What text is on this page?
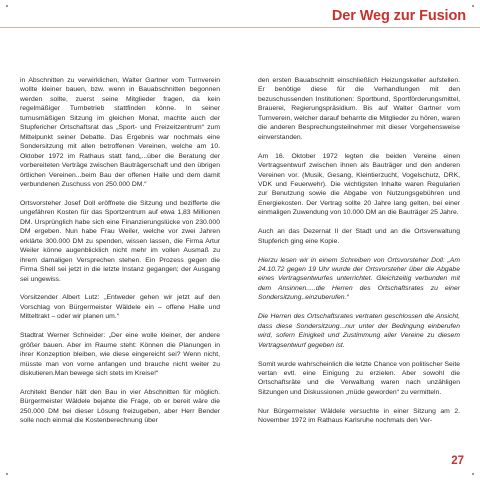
Der Weg zur Fusion

in Abschnitten zu verwirklichen, Walter Gartner vom Turnverein wollte kleiner bauen, bzw. wenn in Bauabschnitten begonnen werden sollte, zuerst seine Mitglieder fragen, da kein regelmäßiger Turnbetrieb stattfinden könne. In seiner turnusmäßigen Sitzung im gleichen Monat, machte auch der Stupfericher Ortschaftsrat das „Sport- und Freizeitzentrum“ zum Mittelpunkt seiner Debatte. Das Ergebnis war nochmals eine Sondersitzung mit allen betroffenen Vereinen, welche am 10. Oktober 1972 im Rathaus statt fand„...über die Beratung der vorbereiteten Verträge zwischen Bauträgerschaft und den übrigen örtlichen Vereinen...beim Bau der offenen Halle und dem damit verbundenen Zuschuss von 250.000 DM.“

Ortsvorsteher Josef Doll eröffnete die Sitzung und bezifferte die ungefähren Kosten für das Sportzentrum auf etwa 1,83 Millionen DM. Ursprünglich habe sich eine Finanzierungslücke von 230.000 DM ergeben. Nun habe Frau Weiler, welche vor zwei Jahren erklärte 300.000 DM zu spenden, wissen lassen, die Firma Artur Weiler könne augenblicklich nicht mehr im vollen Ausmaß zu ihrem damaligen Versprechen stehen. Ein Prozess gegen die Firma Shell sei jetzt in die letzte Instanz gegangen; der Ausgang sei ungewiss.

Vorsitzender Albert Lutz: „Entweder gehen wir jetzt auf den Vorschlag von Bürgermeister Wäldele ein – offene Halle und Mitteltrakt – oder wir planen um.“

Stadtrat Werner Schneider: „Der eine wolle kleiner, der andere größer bauen. Aber im Raume steht: Können die Planungen in ihrer Konzeption bleiben, wie diese eingereicht sei? Wenn nicht, müsste man von vorne anfangen und brauche nicht weiter zu diskutieren.Man bewege sich stets im Kreise!“

Architekt Bender hält den Bau in vier Abschnitten für möglich. Bürgermeister Wäldele bejahte die Frage, ob er bereit wäre die 250.000 DM bei dieser Lösung freizugeben, aber Herr Bender solle noch einmal die Kostenberechnung über

den ersten Bauabschnitt einschließlich Heizungskeller aufstellen. Er benötige diese für die Verhandlungen mit den bezuschussenden Institutionen: Sportbund, Sportförderungsmittel, Brauerei, Regierungspräsidium. Bis auf Walter Gartner vom Turnverein, welcher darauf beharrte die Mitglieder zu hören, waren die anderen Besprechungsteilnehmer mit dieser Vorgehensweise einverstanden.

Am 16. Oktober 1972 legten die beiden Vereine einen Vertragsentwurf zwischen ihnen als Bauträger und den anderen Vereinen vor. (Musik, Gesang, Kleintierzucht, Vogelschutz, DRK, VDK und Feuerwehr). Die wichtigsten Inhalte waren Regularien zur Benutzung sowie die Abgabe von Nutzungsgebühren und Energiekosten. Der Vertrag sollte 20 Jahre lang gelten, bei einer einmaligen Zuwendung von 10.000 DM an die Bauträger 25 Jahre.

Auch an das Dezernat II der Stadt und an die Ortsverwaltung Stupferich ging eine Kopie.

Hierzu lesen wir in einem Schreiben von Ortsvorsteher Doll: „Am 24.10.72 gegen 19 Uhr wurde der Ortsvorsteher über die Abgabe eines Vertragsentwurfes unterrichtet. Gleichzeitig verbunden mit dem Ansinnen.....die Herren des Ortschaftsrates zu einer Sondersitzung..einzuberufen.“

Die Herren des Ortschaftsrates vertraten geschlossen die Ansicht, dass diese Sondersitzung...nur unter der Bedingung einberufen wird, sofern Einigkeit und Zustimmung aller Vereine zu diesem Vertragsentwurf gegeben ist.

Somit wurde wahrscheinlich die letzte Chance von politischer Seite vertan evtl. eine Einigung zu erzielen. Aber sowohl die Ortschaftsräte und die Verwaltung waren nach unzähligen Sitzungen und Diskussionen „müde geworden“ zu vermitteln.

Nur Bürgermeister Wäldele versuchte in einer Sitzung am 2. November 1972 im Rathaus Karlsruhe nochmals den Ver-

27
